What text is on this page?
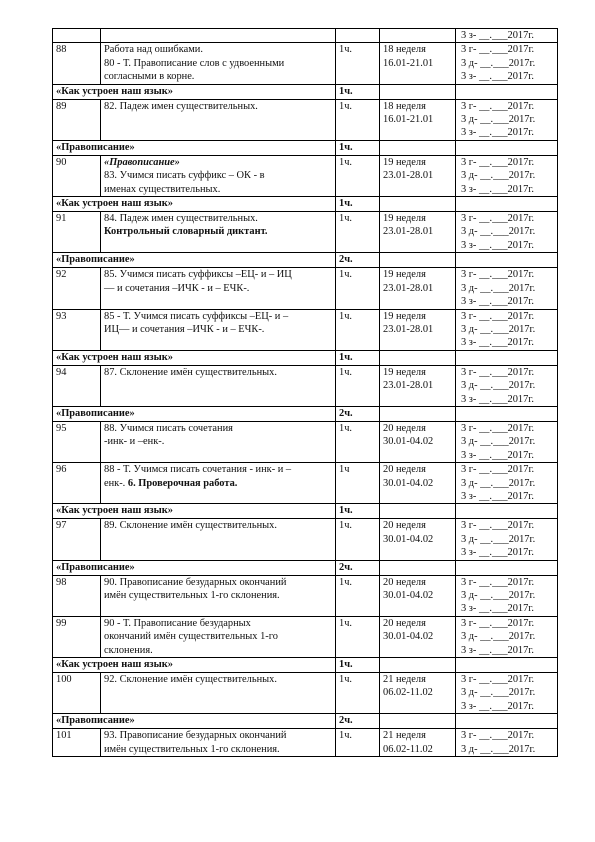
				3 з- __.___2017г.

88	Работа над ошибками.
80 - Т. Правописание слов с удвоенными
согласными в корне.	1ч.	18 неделя
16.01-21.01	3 г- __.___2017г.
3 д- __.___2017г.
3 з- __.___2017г.

«Как устроен наш язык»		1ч.		

89	82. Падеж имен существительных.	1ч.	18 неделя
16.01-21.01	3 г- __.___2017г.
3 д- __.___2017г.
3 з- __.___2017г.

«Правописание»		1ч.		

90	«Правописание»
83. Учимся писать суффикс – ОК - в
именах существительных.	1ч.	19 неделя
23.01-28.01	3 г- __.___2017г.
3 д- __.___2017г.
3 з- __.___2017г.

«Как устроен наш язык»		1ч.		

91	84. Падеж имен существительных.
Контрольный словарный диктант.	1ч.	19 неделя
23.01-28.01	3 г- __.___2017г.
3 д- __.___2017г.
3 з- __.___2017г.

«Правописание»		2ч.		

92	85. Учимся писать суффиксы –ЕЦ- и – ИЦ
— и сочетания –ИЧК - и – ЕЧК-.	1ч.	19 неделя
23.01-28.01	3 г- __.___2017г.
3 д- __.___2017г.
3 з- __.___2017г.

93	85 - Т. Учимся писать суффиксы –ЕЦ- и –
ИЦ— и сочетания –ИЧК - и – ЕЧК-.	1ч.	19 неделя
23.01-28.01	3 г- __.___2017г.
3 д- __.___2017г.
3 з- __.___2017г.

«Как устроен наш язык»		1ч.		

94	87. Склонение имён существительных.	1ч.	19 неделя
23.01-28.01	3 г- __.___2017г.
3 д- __.___2017г.
3 з- __.___2017г.

«Правописание»		2ч.		

95	88. Учимся писать сочетания
-инк- и –енк-.	1ч.	20 неделя
30.01-04.02	3 г- __.___2017г.
3 д- __.___2017г.
3 з- __.___2017г.

96	88 - Т. Учимся писать сочетания - инк- и –
енк-. 6. Проверочная работа.	1ч	20 неделя
30.01-04.02	3 г- __.___2017г.
3 д- __.___2017г.
3 з- __.___2017г.

«Как устроен наш язык»		1ч.		

97	89. Склонение имён существительных.	1ч.	20 неделя
30.01-04.02	3 г- __.___2017г.
3 д- __.___2017г.
3 з- __.___2017г.

«Правописание»		2ч.		

98	90. Правописание безударных окончаний
имён существительных 1-го склонения.	1ч.	20 неделя
30.01-04.02	3 г- __.___2017г.
3 д- __.___2017г.
3 з- __.___2017г.

99	90 - Т. Правописание безударных
окончаний имён существительных 1-го
склонения.	1ч.	20 неделя
30.01-04.02	3 г- __.___2017г.
3 д- __.___2017г.
3 з- __.___2017г.

«Как устроен наш язык»		1ч.		

100	92. Склонение имён существительных.	1ч.	21 неделя
06.02-11.02	3 г- __.___2017г.
3 д- __.___2017г.
3 з- __.___2017г.

«Правописание»		2ч.		

101	93. Правописание безударных окончаний
имён существительных 1-го склонения.	1ч.	21 неделя
06.02-11.02	3 г- __.___2017г.
3 д- __.___2017г.
